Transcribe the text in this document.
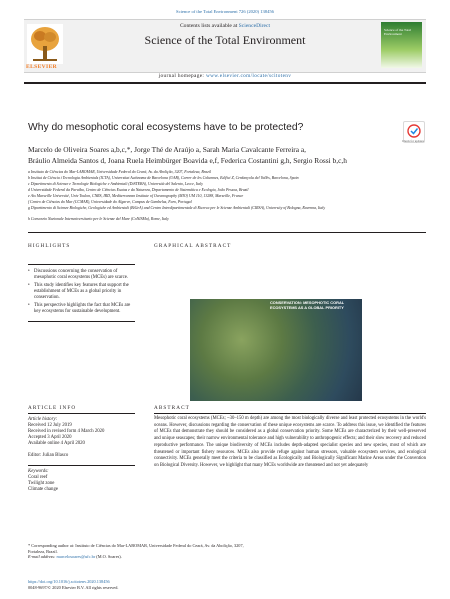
Science of the Total Environment 726 (2020) 138456
ELSEVIER
Contents lists available at ScienceDirect
Science of the Total Environment
Science of the Total Environment
journal homepage: www.elsevier.com/locate/scitotenv
Why do mesophotic coral ecosystems have to be protected?
Check for updates
Marcelo de Oliveira Soares a,b,c,*, Jorge Thé de Araújo a, Sarah Maria Cavalcante Ferreira a,
Bráulio Almeida Santos d, Joana Ruela Heimbürger Boavida e,f, Federica Costantini g,h, Sergio Rossi b,c,h
a Instituto de Ciências do Mar-LABOMAR, Universidade Federal do Ceará, Av. da Abolição, 3207, Fortaleza, Brazil
b Institut de Ciència i Tecnologia Ambientals (ICTA), Universitat Autònoma de Barcelona (UAB), Carrer de les Columnes, Edifici Z, Cerdanyola del Vallès, Barcelona, Spain
c Dipartimento di Scienze e Tecnologie Biologiche e Ambientali (DiSTEBA), Università del Salento, Lecce, Italy
d Universidade Federal da Paraíba, Centro de Ciências Exatas e da Natureza, Departamento de Sistemática e Ecologia, João Pessoa, Brazil
e Aix Marseille Université, Univ Toulon, CNRS, IRD, Mediterranean Institute of Oceanography (MIO) UM 110, 13288, Marseille, France
f Centro de Ciências do Mar (CCMAR), Universidade do Algarve, Campus de Gambelas, Faro, Portugal
g Dipartimento di Scienze Biologiche, Geologiche ed Ambientali (BiGeA) and Centro Interdipartimentale di Ricerca per le Scienze Ambientali (CIRSA), University of Bologna, Ravenna, Italy
h Consorzio Nazionale Interuniversitario per le Scienze del Mare (CoNISMa), Rome, Italy
HIGHLIGHTS	GRAPHICAL ABSTRACT
• Discussions concerning the conservation of mesophotic coral ecosystems (MCEs) are scarce.
• This study identifies key features that support the establishment of MCEs as a global priority in conservation.
• This perspective highlights the fact that MCEs are key ecosystems for sustainable development.
CONSERVATION: MESOPHOTIC CORAL ECOSYSTEMS AS A GLOBAL PRIORITY
ARTICLE INFO	ABSTRACT
Article history:
Received 12 July 2019
Received in revised form 4 March 2020
Accepted 3 April 2020
Available online 4 April 2020
Editor: Julian Blasco
Keywords:
Coral reef
Twilight zone
Climate change
Mesophotic coral ecosystems (MCEs; ~30–150 m depth) are among the most biologically diverse and least protected ecosystems in the world's oceans. However, discussions regarding the conservation of these unique ecosystems are scarce. To address this issue, we identified the features of MCEs that demonstrate they should be considered as a global conservation priority. Some MCEs are characterized by their well-preserved and unique seascapes; their narrow environmental tolerance and high vulnerability to anthropogenic effects; and their slow recovery and reduced reproductive performance. The unique biodiversity of MCEs includes depth-adapted specialist species and new species, most of which are threatened or important fishery resources. MCEs also provide refuge against human stressors, valuable ecosystem services, and ecological connectivity. MCEs generally meet the criteria to be classified as Ecologically and Biologically Significant Marine Areas under the Convention on Biological Diversity. However, we highlight that many MCEs worldwide are threatened and not yet adequately
* Corresponding author at: Instituto de Ciências do Mar-LABOMAR, Universidade Federal do Ceará, Av. da Abolição, 3207, Fortaleza, Brazil.
E-mail address: marcelosoares@ufc.br (M.O. Soares).
https://doi.org/10.1016/j.scitotenv.2020.138456
0048-9697/© 2020 Elsevier B.V. All rights reserved.
